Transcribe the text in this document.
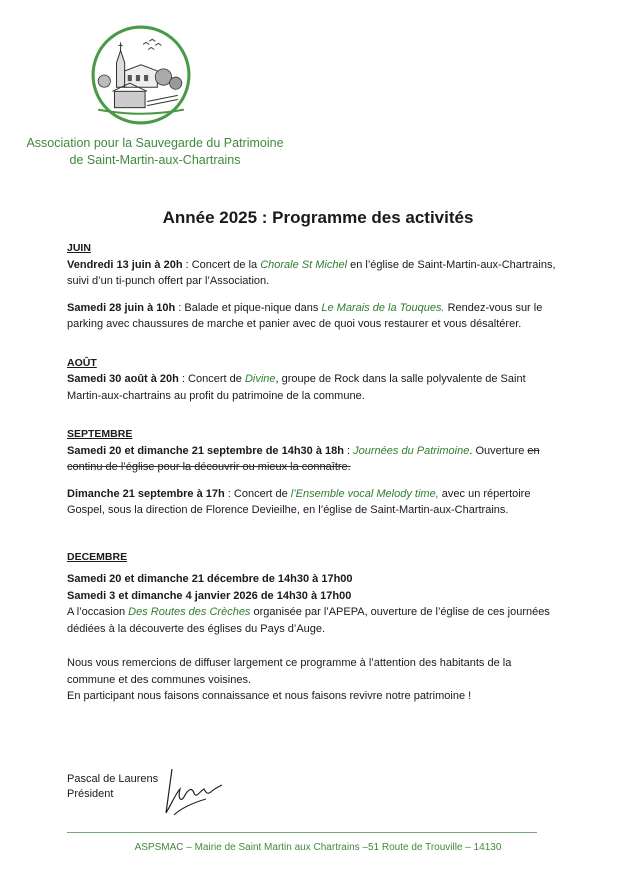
Association pour la Sauvegarde du Patrimoine
de Saint-Martin-aux-Chartrains
Année 2025 : Programme des activités

JUIN

Vendredi 13 juin à 20h : Concert de la Chorale St Michel en l’église de Saint-Martin-aux-Chartrains, suivi d’un ti-punch offert par l’Association.

Samedi 28 juin à 10h : Balade et pique-nique dans Le Marais de la Touques. Rendez-vous sur le parking avec chaussures de marche et panier avec de quoi vous restaurer et vous désaltérer.

AOÛT

Samedi 30 août à 20h : Concert de Divine, groupe de Rock dans la salle polyvalente de Saint Martin-aux-chartrains au profit du patrimoine de la commune.

SEPTEMBRE

Samedi 20 et dimanche 21 septembre de 14h30 à 18h : Journées du Patrimoine. Ouverture en continu de l’église pour la découvrir ou mieux la connaître.

Dimanche 21 septembre à 17h : Concert de l’Ensemble vocal Melody time, avec un répertoire Gospel, sous la direction de Florence Devieilhe, en l’église de Saint-Martin-aux-Chartrains.

DECEMBRE

Samedi 20 et dimanche 21 décembre de 14h30 à 17h00

Samedi 3 et dimanche 4 janvier 2026 de 14h30 à 17h00

A l’occasion Des Routes des Crèches organisée par l’APEPA, ouverture de l’église de ces journées dédiées à la découverte des églises du Pays d’Auge.

Nous vous remercions de diffuser largement ce programme à l’attention des habitants de la commune et des communes voisines.

En participant nous faisons connaissance et nous faisons revivre notre patrimoine !

Pascal de Laurens
Président
ASPSMAC – Mairie de Saint Martin aux Chartrains –51 Route de Trouville – 14130
